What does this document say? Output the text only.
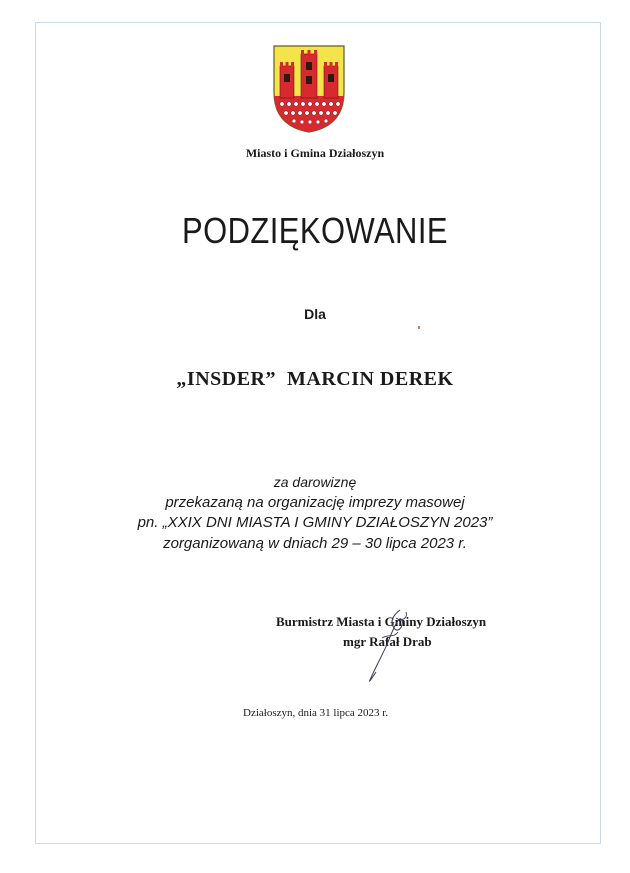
Miasto i Gmina Działoszyn
PODZIĘKOWANIE
Dla
„INSDER”  MARCIN DEREK
za darowiznę
przekazaną na organizację imprezy masowej
pn. „XXIX DNI MIASTA I GMINY DZIAŁOSZYN 2023”
zorganizowaną w dniach 29 – 30 lipca 2023 r.
Burmistrz Miasta i Gminy Działoszyn
mgr Rafał Drab
Działoszyn, dnia 31 lipca 2023 r.
